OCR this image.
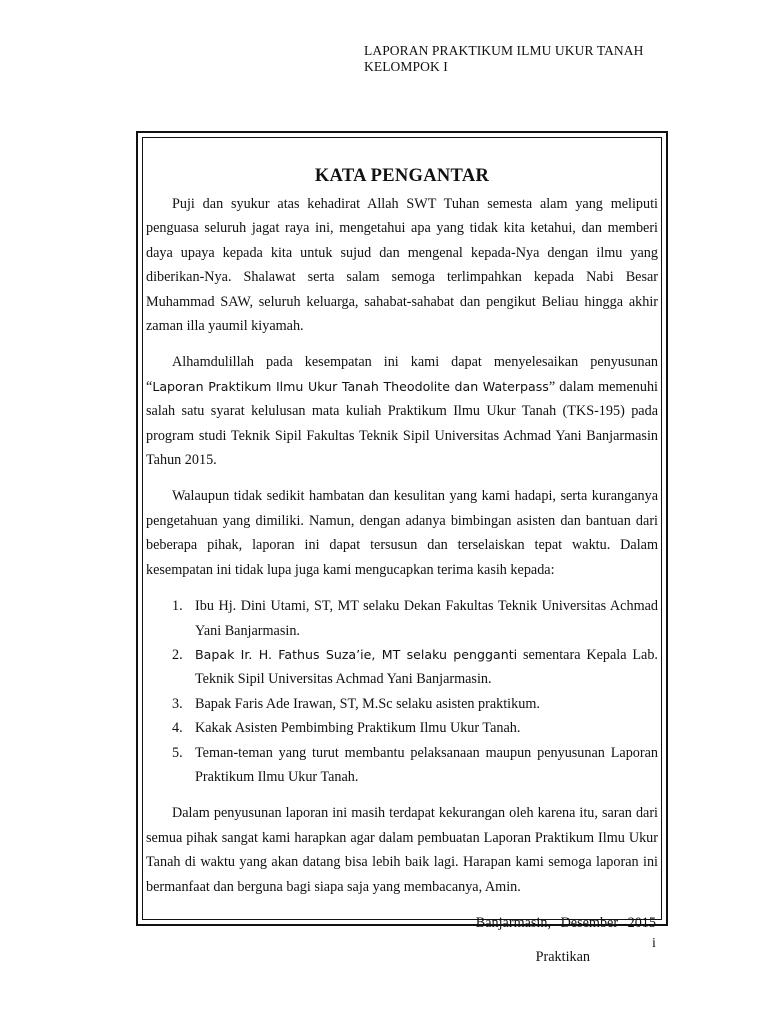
LAPORAN PRAKTIKUM ILMU UKUR TANAH
KELOMPOK I
KATA PENGANTAR

Puji dan syukur atas kehadirat Allah SWT Tuhan semesta alam yang meliputi penguasa seluruh jagat raya ini, mengetahui apa yang tidak kita ketahui, dan memberi daya upaya kepada kita untuk sujud dan mengenal kepada-Nya dengan ilmu yang diberikan-Nya. Shalawat serta salam semoga terlimpahkan kepada Nabi Besar Muhammad SAW, seluruh keluarga, sahabat-sahabat dan pengikut Beliau hingga akhir zaman illa yaumil kiyamah.

Alhamdulillah pada kesempatan ini kami dapat menyelesaikan penyusunan “Laporan Praktikum Ilmu Ukur Tanah Theodolite dan Waterpass” dalam memenuhi salah satu syarat kelulusan mata kuliah Praktikum Ilmu Ukur Tanah (TKS-195) pada program studi Teknik Sipil Fakultas Teknik Sipil Universitas Achmad Yani Banjarmasin Tahun 2015.

Walaupun tidak sedikit hambatan dan kesulitan yang kami hadapi, serta kuranganya pengetahuan yang dimiliki. Namun, dengan adanya bimbingan asisten dan bantuan dari beberapa pihak, laporan ini dapat tersusun dan terselaiskan tepat waktu. Dalam kesempatan ini tidak lupa juga kami mengucapkan terima kasih kepada:

1. Ibu Hj. Dini Utami, ST, MT selaku Dekan Fakultas Teknik Universitas Achmad Yani Banjarmasin.
2. Bapak Ir. H. Fathus Suza’ie, MT selaku pengganti sementara Kepala Lab. Teknik Sipil Universitas Achmad Yani Banjarmasin.
3. Bapak Faris Ade Irawan, ST, M.Sc selaku asisten praktikum.
4. Kakak Asisten Pembimbing Praktikum Ilmu Ukur Tanah.
5. Teman-teman yang turut membantu pelaksanaan maupun penyusunan Laporan Praktikum Ilmu Ukur Tanah.

Dalam penyusunan laporan ini masih terdapat kekurangan oleh karena itu, saran dari semua pihak sangat kami harapkan agar dalam pembuatan Laporan Praktikum Ilmu Ukur Tanah di waktu yang akan datang bisa lebih baik lagi. Harapan kami semoga laporan ini bermanfaat dan berguna bagi siapa saja yang membacanya, Amin.

Banjarmasin, Desember 2015
Praktikan
i
